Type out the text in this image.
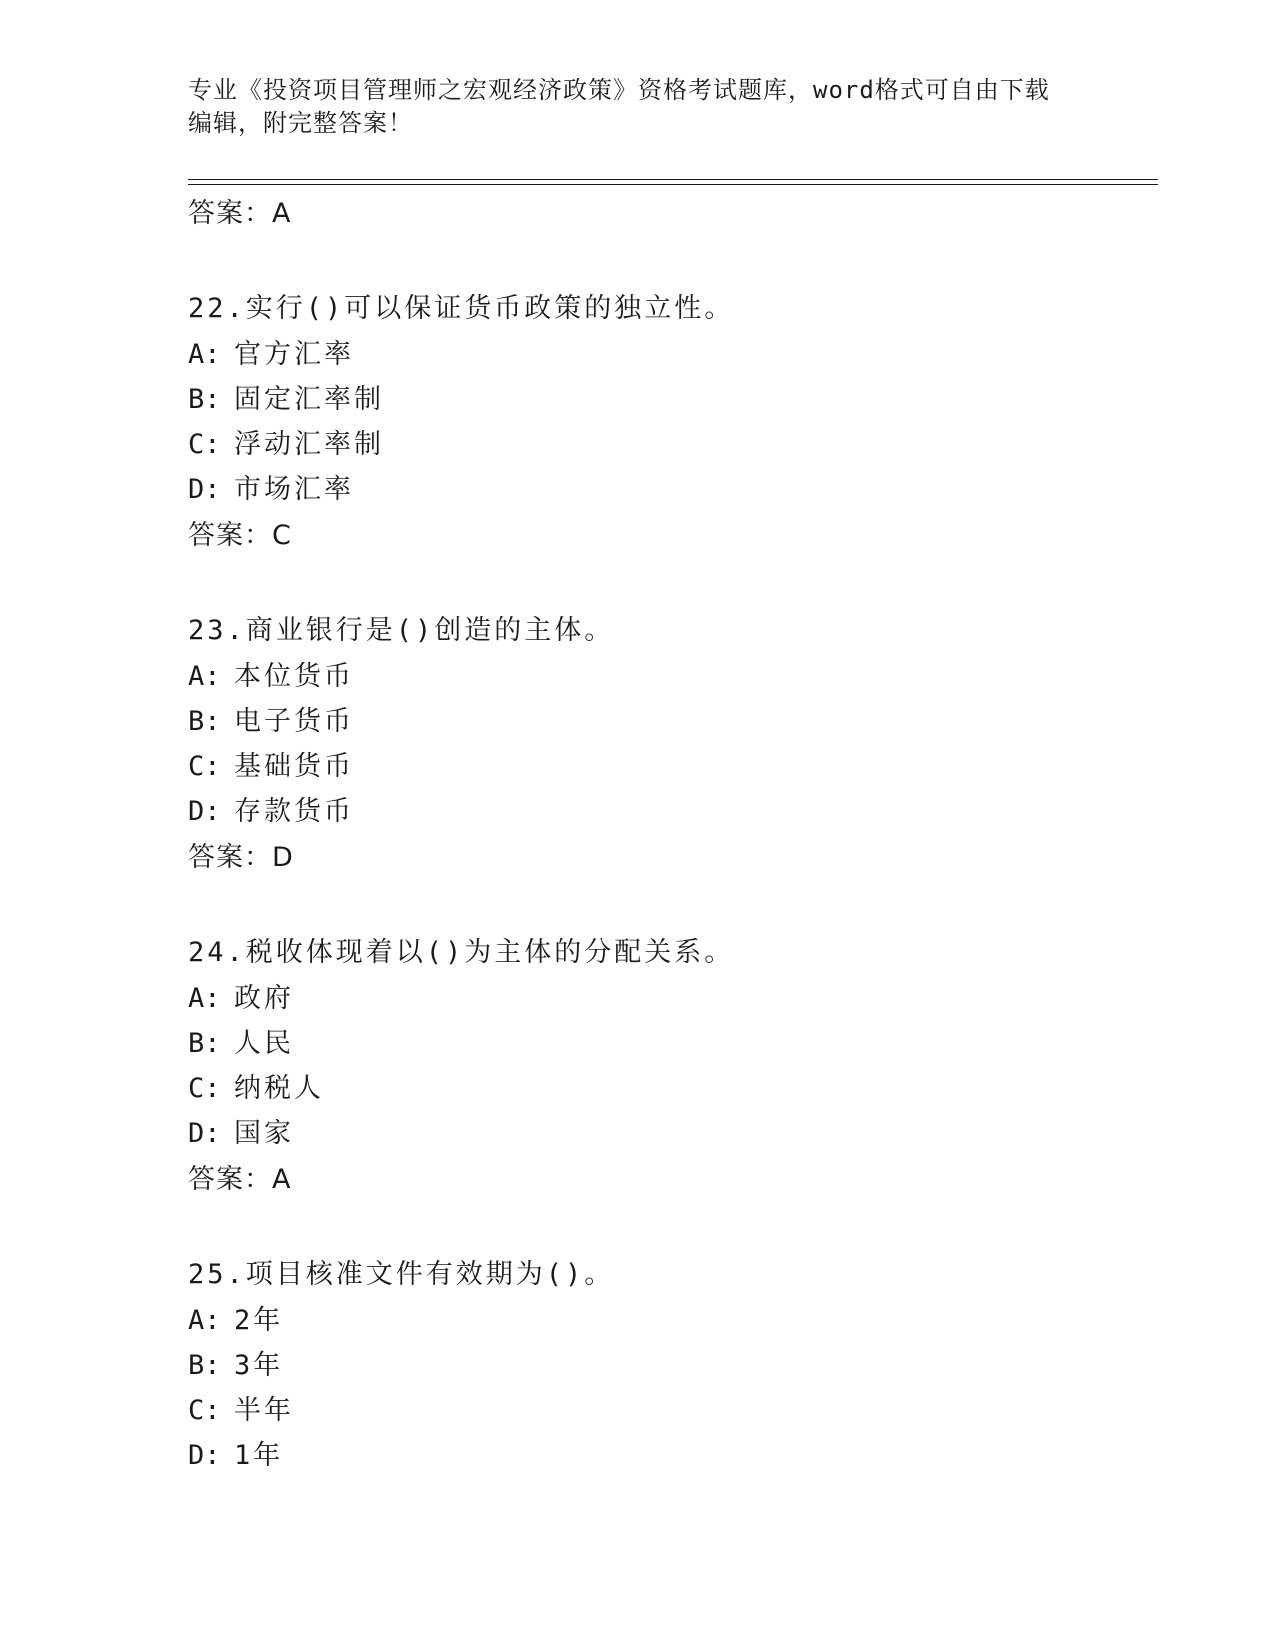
专业《投资项目管理师之宏观经济政策》资格考试题库，word格式可自由下载编辑，附完整答案！

答案：A

22.实行()可以保证货币政策的独立性。

A: 官方汇率

B: 固定汇率制

C: 浮动汇率制

D: 市场汇率

答案：C

23.商业银行是()创造的主体。

A: 本位货币

B: 电子货币

C: 基础货币

D: 存款货币

答案：D

24.税收体现着以()为主体的分配关系。

A: 政府

B: 人民

C: 纳税人

D: 国家

答案：A

25.项目核准文件有效期为()。

A: 2年

B: 3年

C: 半年

D: 1年
